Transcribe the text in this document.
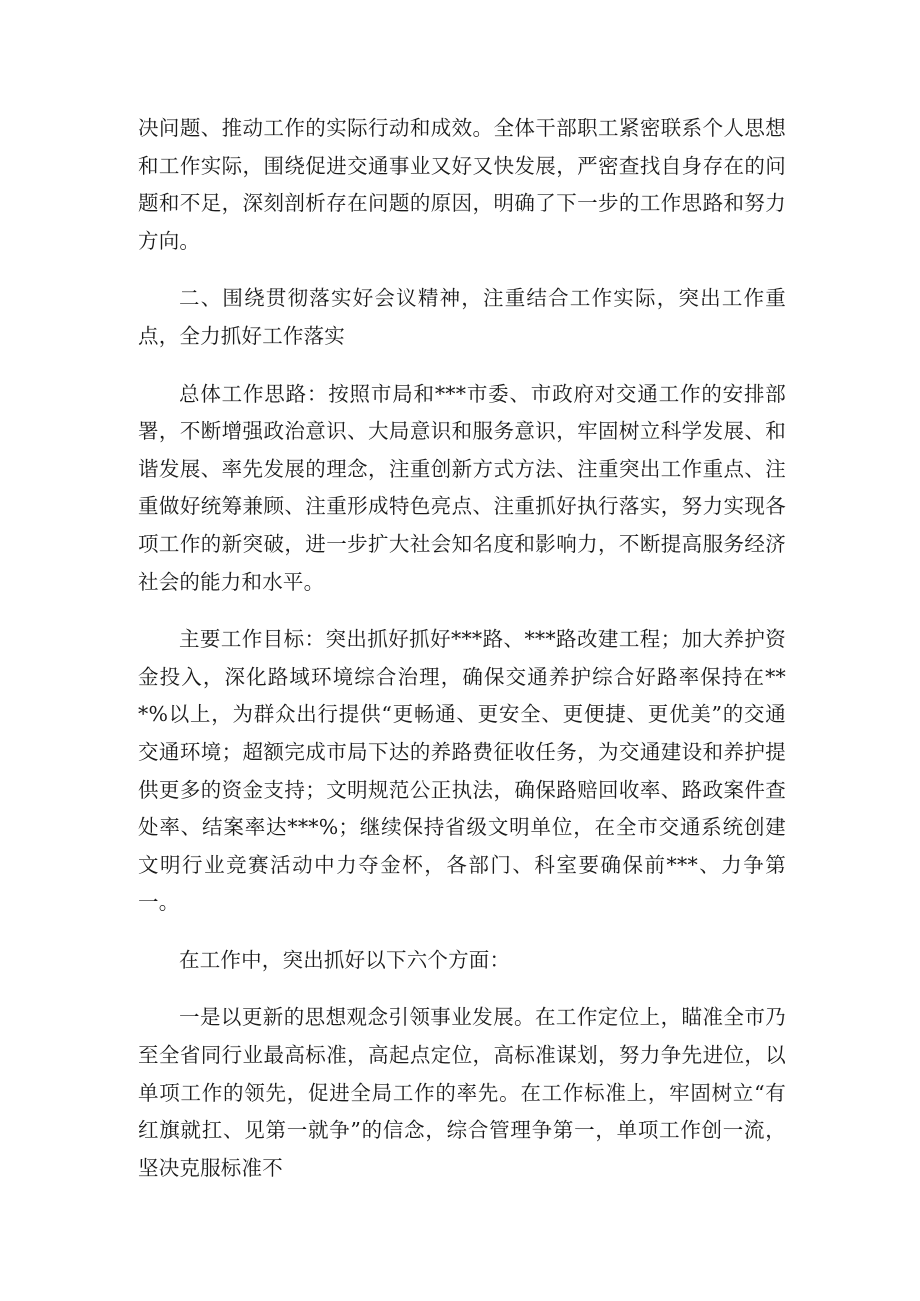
决问题、推动工作的实际行动和成效。全体干部职工紧密联系个人思想和工作实际，围绕促进交通事业又好又快发展，严密查找自身存在的问题和不足，深刻剖析存在问题的原因，明确了下一步的工作思路和努力方向。

二、围绕贯彻落实好会议精神，注重结合工作实际，突出工作重点，全力抓好工作落实

总体工作思路：按照市局和***市委、市政府对交通工作的安排部署，不断增强政治意识、大局意识和服务意识，牢固树立科学发展、和谐发展、率先发展的理念，注重创新方式方法、注重突出工作重点、注重做好统筹兼顾、注重形成特色亮点、注重抓好执行落实，努力实现各项工作的新突破，进一步扩大社会知名度和影响力，不断提高服务经济社会的能力和水平。

主要工作目标：突出抓好抓好***路、***路改建工程；加大养护资金投入，深化路域环境综合治理，确保交通养护综合好路率保持在***%以上，为群众出行提供“更畅通、更安全、更便捷、更优美”的交通交通环境；超额完成市局下达的养路费征收任务，为交通建设和养护提供更多的资金支持；文明规范公正执法，确保路赔回收率、路政案件查处率、结案率达***%；继续保持省级文明单位，在全市交通系统创建文明行业竞赛活动中力夺金杯，各部门、科室要确保前***、力争第一。

在工作中，突出抓好以下六个方面：

一是以更新的思想观念引领事业发展。在工作定位上，瞄准全市乃至全省同行业最高标准，高起点定位，高标准谋划，努力争先进位，以单项工作的领先，促进全局工作的率先。在工作标准上，牢固树立“有红旗就扛、见第一就争”的信念，综合管理争第一，单项工作创一流，坚决克服标准不
